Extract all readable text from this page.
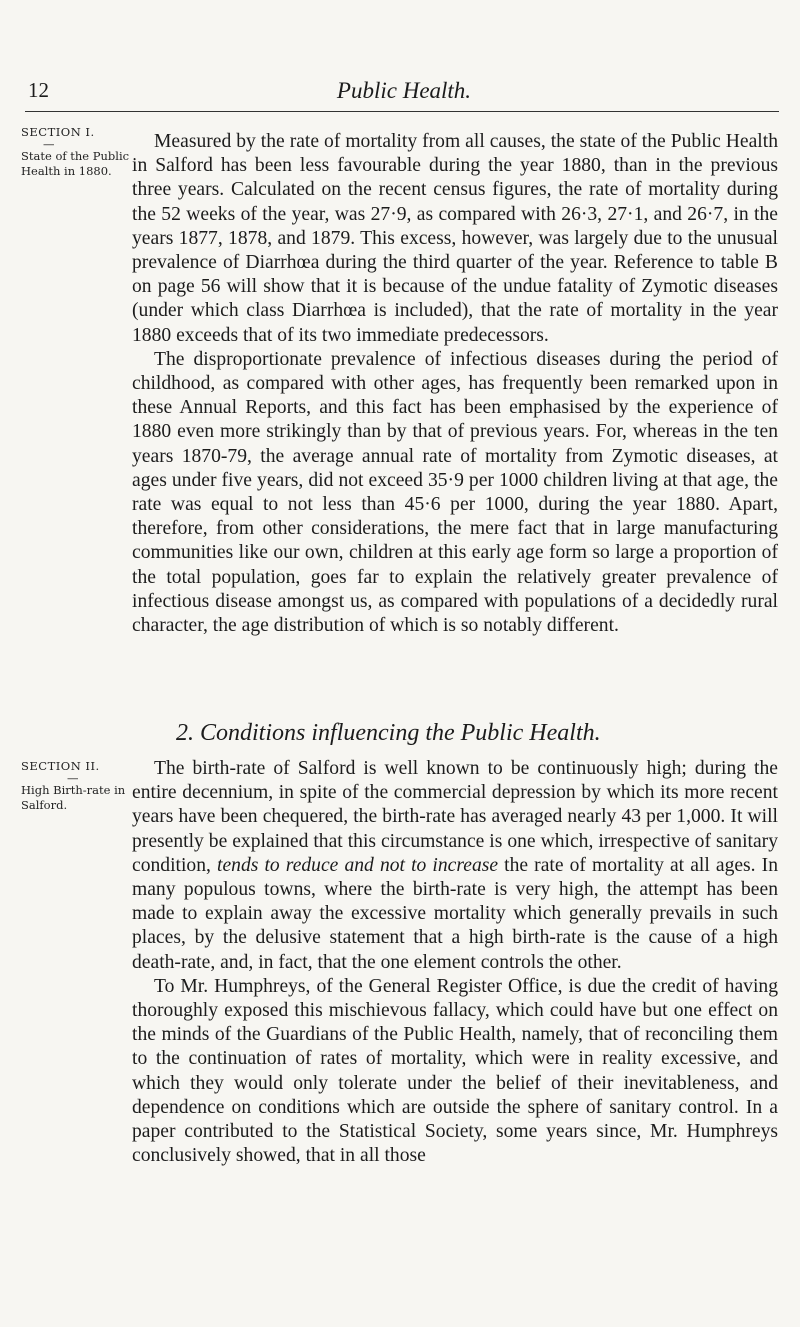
12	Public Health.
SECTION I.
—
State of the Public Health in 1880.

Measured by the rate of mortality from all causes, the state of the Public Health in Salford has been less favourable during the year 1880, than in the previous three years. Calculated on the recent census figures, the rate of mortality during the 52 weeks of the year, was 27·9, as compared with 26·3, 27·1, and 26·7, in the years 1877, 1878, and 1879. This excess, however, was largely due to the unusual prevalence of Diarrhœa during the third quarter of the year. Reference to table B on page 56 will show that it is because of the undue fatality of Zymotic diseases (under which class Diarrhœa is included), that the rate of mortality in the year 1880 exceeds that of its two immediate predecessors.

The disproportionate prevalence of infectious diseases during the period of childhood, as compared with other ages, has frequently been remarked upon in these Annual Reports, and this fact has been emphasised by the experience of 1880 even more strikingly than by that of previous years. For, whereas in the ten years 1870-79, the average annual rate of mortality from Zymotic diseases, at ages under five years, did not exceed 35·9 per 1000 children living at that age, the rate was equal to not less than 45·6 per 1000, during the year 1880. Apart, therefore, from other considerations, the mere fact that in large manufacturing communities like our own, children at this early age form so large a proportion of the total population, goes far to explain the relatively greater prevalence of infectious disease amongst us, as compared with populations of a decidedly rural character, the age distribution of which is so notably different.

2. Conditions influencing the Public Health.
SECTION II.
—
High Birth-rate in Salford.

The birth-rate of Salford is well known to be continuously high; during the entire decennium, in spite of the commercial depression by which its more recent years have been chequered, the birth-rate has averaged nearly 43 per 1,000. It will presently be explained that this circumstance is one which, irrespective of sanitary condition, tends to reduce and not to increase the rate of mortality at all ages. In many populous towns, where the birth-rate is very high, the attempt has been made to explain away the excessive mortality which generally prevails in such places, by the delusive statement that a high birth-rate is the cause of a high death-rate, and, in fact, that the one element controls the other.

To Mr. Humphreys, of the General Register Office, is due the credit of having thoroughly exposed this mischievous fallacy, which could have but one effect on the minds of the Guardians of the Public Health, namely, that of reconciling them to the continuation of rates of mortality, which were in reality excessive, and which they would only tolerate under the belief of their inevitableness, and dependence on conditions which are outside the sphere of sanitary control. In a paper contributed to the Statistical Society, some years since, Mr. Humphreys conclusively showed, that in all those
